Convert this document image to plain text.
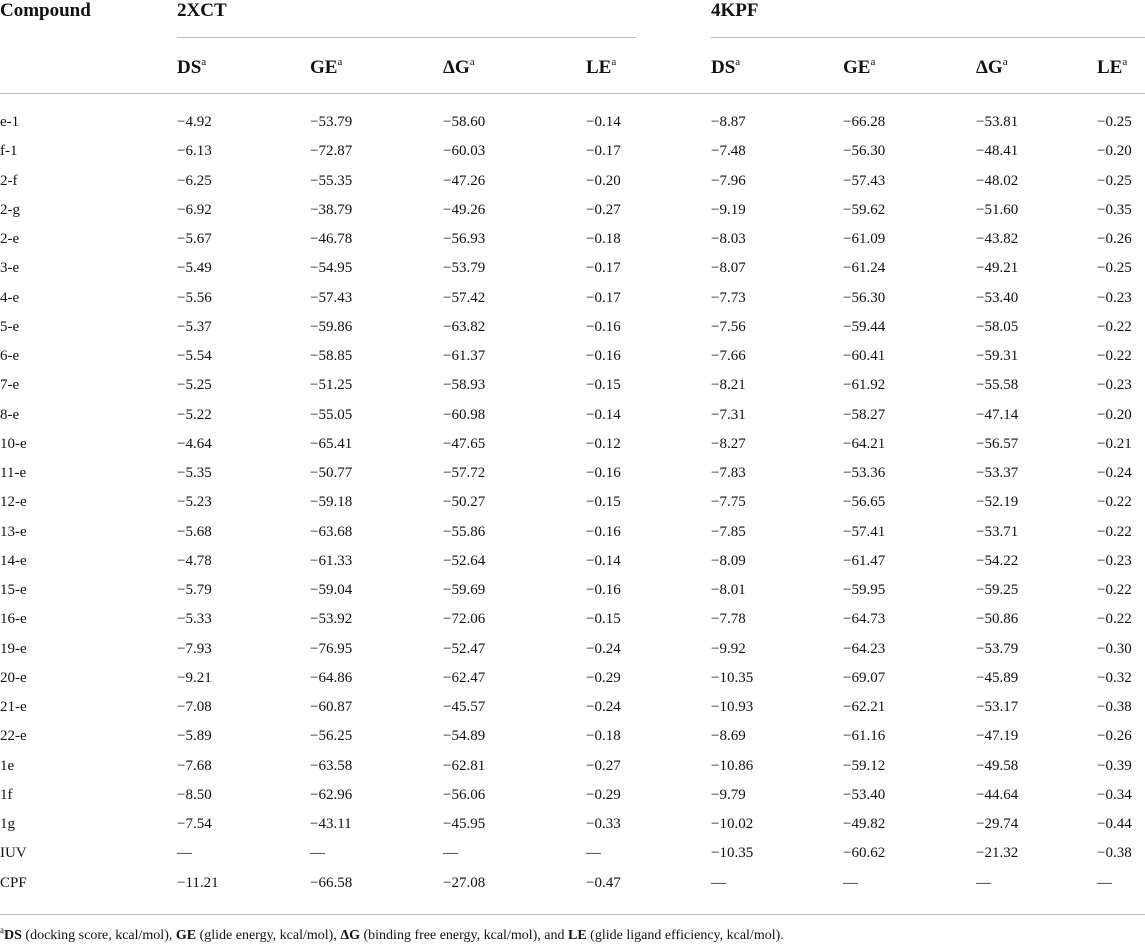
Compound	2XCT	4KPF
$DS^a$	$GE^a$	$\Delta G^a$	$LE^a$	$DS^a$	$GE^a$	$\Delta G^a$	$LE^a$
e-1	−4.92	−53.79	−58.60	−0.14	−8.87	−66.28	−53.81	−0.25
f-1	−6.13	−72.87	−60.03	−0.17	−7.48	−56.30	−48.41	−0.20
2-f	−6.25	−55.35	−47.26	−0.20	−7.96	−57.43	−48.02	−0.25
2-g	−6.92	−38.79	−49.26	−0.27	−9.19	−59.62	−51.60	−0.35
2-e	−5.67	−46.78	−56.93	−0.18	−8.03	−61.09	−43.82	−0.26
3-e	−5.49	−54.95	−53.79	−0.17	−8.07	−61.24	−49.21	−0.25
4-e	−5.56	−57.43	−57.42	−0.17	−7.73	−56.30	−53.40	−0.23
5-e	−5.37	−59.86	−63.82	−0.16	−7.56	−59.44	−58.05	−0.22
6-e	−5.54	−58.85	−61.37	−0.16	−7.66	−60.41	−59.31	−0.22
7-e	−5.25	−51.25	−58.93	−0.15	−8.21	−61.92	−55.58	−0.23
8-e	−5.22	−55.05	−60.98	−0.14	−7.31	−58.27	−47.14	−0.20
10-e	−4.64	−65.41	−47.65	−0.12	−8.27	−64.21	−56.57	−0.21
11-e	−5.35	−50.77	−57.72	−0.16	−7.83	−53.36	−53.37	−0.24
12-e	−5.23	−59.18	−50.27	−0.15	−7.75	−56.65	−52.19	−0.22
13-e	−5.68	−63.68	−55.86	−0.16	−7.85	−57.41	−53.71	−0.22
14-e	−4.78	−61.33	−52.64	−0.14	−8.09	−61.47	−54.22	−0.23
15-e	−5.79	−59.04	−59.69	−0.16	−8.01	−59.95	−59.25	−0.22
16-e	−5.33	−53.92	−72.06	−0.15	−7.78	−64.73	−50.86	−0.22
19-e	−7.93	−76.95	−52.47	−0.24	−9.92	−64.23	−53.79	−0.30
20-e	−9.21	−64.86	−62.47	−0.29	−10.35	−69.07	−45.89	−0.32
21-e	−7.08	−60.87	−45.57	−0.24	−10.93	−62.21	−53.17	−0.38
22-e	−5.89	−56.25	−54.89	−0.18	−8.69	−61.16	−47.19	−0.26
1e	−7.68	−63.58	−62.81	−0.27	−10.86	−59.12	−49.58	−0.39
1f	−8.50	−62.96	−56.06	−0.29	−9.79	−53.40	−44.64	−0.34
1g	−7.54	−43.11	−45.95	−0.33	−10.02	−49.82	−29.74	−0.44
IUV	—	—	—	—	−10.35	−60.62	−21.32	−0.38
CPF	−11.21	−66.58	−27.08	−0.47	—	—	—	—
$^a$DS (docking score, kcal/mol), GE (glide energy, kcal/mol), ΔG (binding free energy, kcal/mol), and LE (glide ligand efficiency, kcal/mol).
